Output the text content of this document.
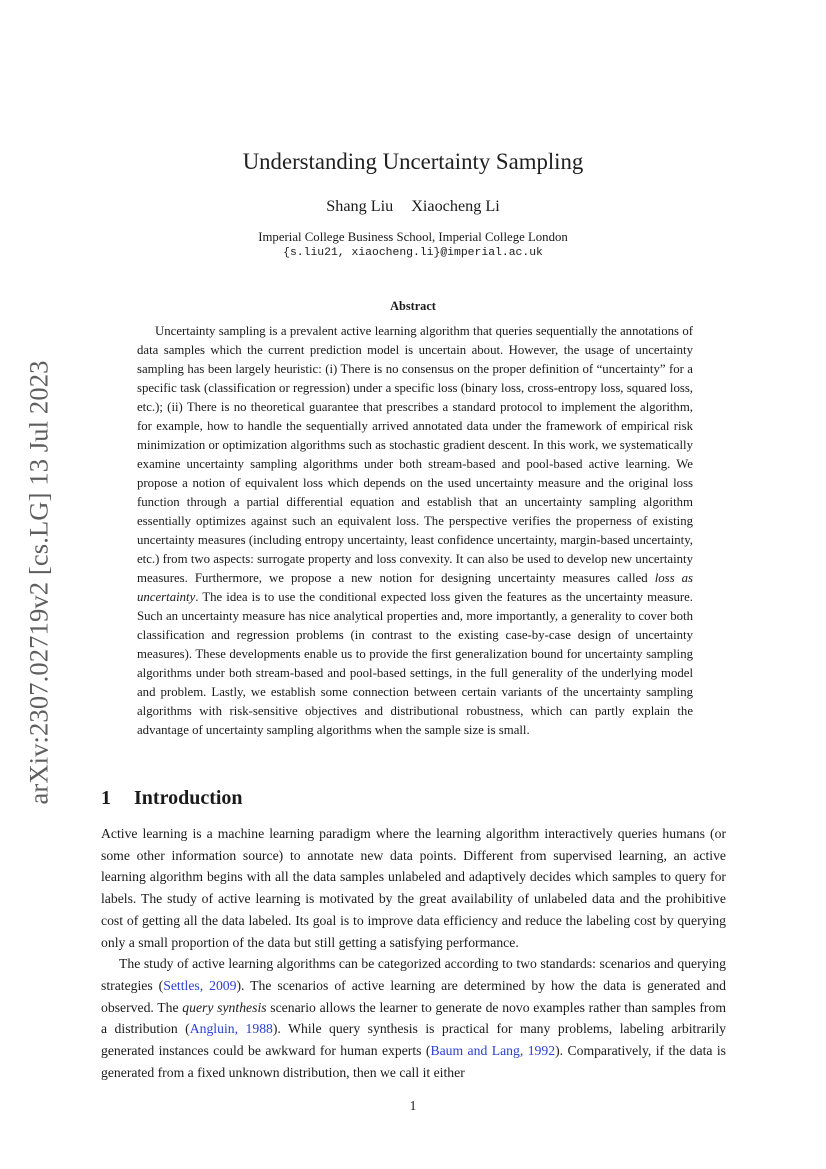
arXiv:2307.02719v2 [cs.LG] 13 Jul 2023
Understanding Uncertainty Sampling
Shang Liu Xiaocheng Li
Imperial College Business School, Imperial College London
{s.liu21, xiaocheng.li}@imperial.ac.uk
Abstract

Uncertainty sampling is a prevalent active learning algorithm that queries sequentially the annotations of data samples which the current prediction model is uncertain about. However, the usage of uncertainty sampling has been largely heuristic: (i) There is no consensus on the proper definition of “uncertainty” for a specific task (classification or regression) under a specific loss (binary loss, cross-entropy loss, squared loss, etc.); (ii) There is no theoretical guarantee that prescribes a standard protocol to implement the algorithm, for example, how to handle the sequentially arrived annotated data under the framework of empirical risk minimization or optimization algorithms such as stochastic gradient descent. In this work, we systematically examine uncertainty sampling algorithms under both stream-based and pool-based active learning. We propose a notion of equivalent loss which depends on the used uncertainty measure and the original loss function through a partial differential equation and establish that an uncertainty sampling algorithm essentially optimizes against such an equivalent loss. The perspective verifies the properness of existing uncertainty measures (including entropy uncertainty, least confidence uncertainty, margin-based uncertainty, etc.) from two aspects: surrogate property and loss convexity. It can also be used to develop new uncertainty measures. Furthermore, we propose a new notion for designing uncertainty measures called loss as uncertainty. The idea is to use the conditional expected loss given the features as the uncertainty measure. Such an uncertainty measure has nice analytical properties and, more importantly, a generality to cover both classification and regression problems (in contrast to the existing case-by-case design of uncertainty measures). These developments enable us to provide the first generalization bound for uncertainty sampling algorithms under both stream-based and pool-based settings, in the full generality of the underlying model and problem. Lastly, we establish some connection between certain variants of the uncertainty sampling algorithms with risk-sensitive objectives and distributional robustness, which can partly explain the advantage of uncertainty sampling algorithms when the sample size is small.

1 Introduction

Active learning is a machine learning paradigm where the learning algorithm interactively queries humans (or some other information source) to annotate new data points. Different from supervised learning, an active learning algorithm begins with all the data samples unlabeled and adaptively decides which samples to query for labels. The study of active learning is motivated by the great availability of unlabeled data and the prohibitive cost of getting all the data labeled. Its goal is to improve data efficiency and reduce the labeling cost by querying only a small proportion of the data but still getting a satisfying performance.

The study of active learning algorithms can be categorized according to two standards: scenarios and querying strategies (Settles, 2009). The scenarios of active learning are determined by how the data is generated and observed. The query synthesis scenario allows the learner to generate de novo examples rather than samples from a distribution (Angluin, 1988). While query synthesis is practical for many problems, labeling arbitrarily generated instances could be awkward for human experts (Baum and Lang, 1992). Comparatively, if the data is generated from a fixed unknown distribution, then we call it either

1
